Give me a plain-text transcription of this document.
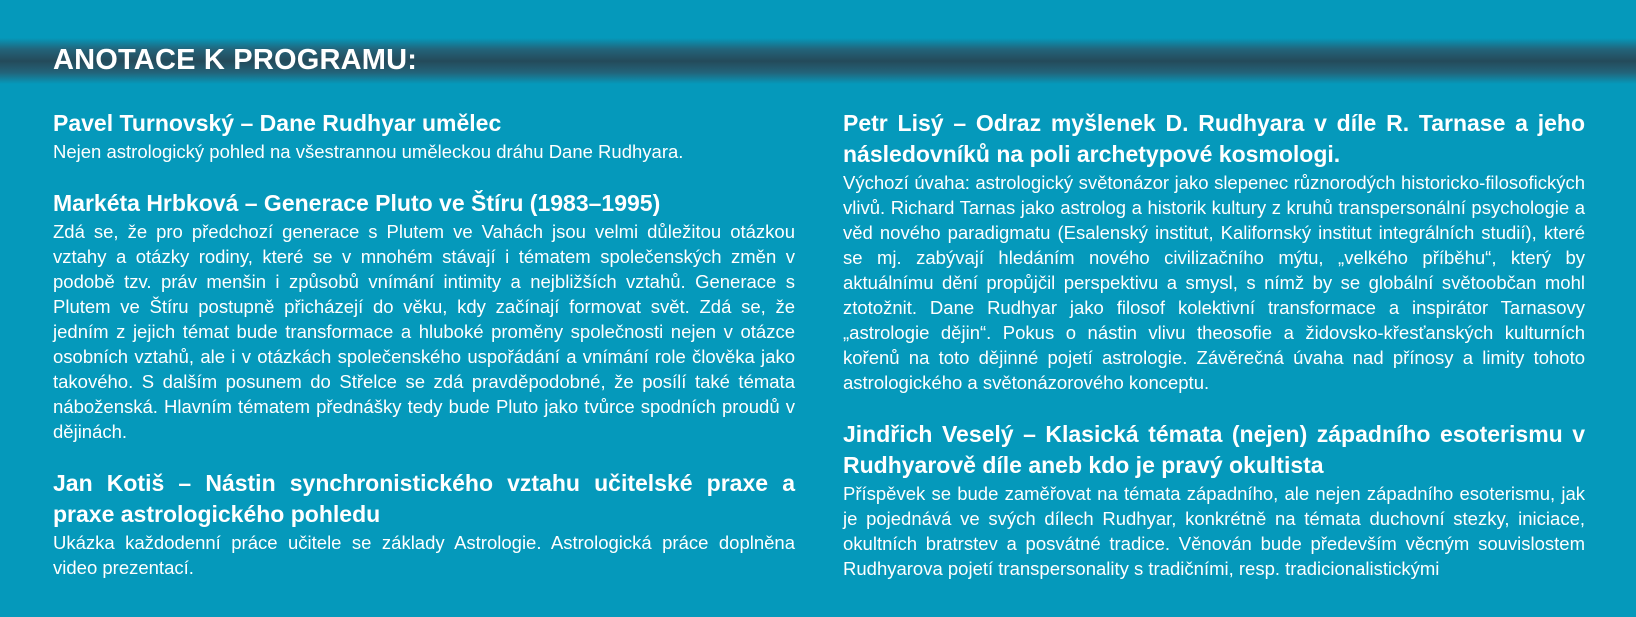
ANOTACE K PROGRAMU:
Pavel Turnovský – Dane Rudhyar umělec

Nejen astrologický pohled na všestrannou uměleckou dráhu Dane Rudhyara.

Markéta Hrbková – Generace Pluto ve Štíru (1983–1995)

Zdá se, že pro předchozí generace s Plutem ve Vahách jsou velmi důležitou otázkou vztahy a otázky rodiny, které se v mnohém stávají i tématem společenských změn v podobě tzv. práv menšin i způsobů vnímání intimity a nejbližších vztahů. Generace s Plutem ve Štíru postupně přicházejí do věku, kdy začínají formovat svět. Zdá se, že jedním z jejich témat bude transformace a hluboké proměny společnosti nejen v otázce osobních vztahů, ale i v otázkách společenského uspořádání a vnímání role člověka jako takového. S dalším posunem do Střelce se zdá pravděpodobné, že posílí také témata náboženská. Hlavním tématem přednášky tedy bude Pluto jako tvůrce spodních proudů v dějinách.

Jan Kotiš – Nástin synchronistického vztahu učitelské praxe a praxe astrologického pohledu

Ukázka každodenní práce učitele se základy Astrologie. Astrologická práce doplněna video prezentací.

Petr Lisý – Odraz myšlenek D. Rudhyara v díle R. Tarnase a jeho následovníků na poli archetypové kosmologi.

Výchozí úvaha: astrologický světonázor jako slepenec různorodých historicko-filosofických vlivů. Richard Tarnas jako astrolog a historik kultury z kruhů transpersonální psychologie a věd nového paradigmatu (Esalenský institut, Kalifornský institut integrálních studií), které se mj. zabývají hledáním nového civilizačního mýtu, „velkého příběhu“, který by aktuálnímu dění propůjčil perspektivu a smysl, s nímž by se globální světoobčan mohl ztotožnit. Dane Rudhyar jako filosof kolektivní transformace a inspirátor Tarnasovy „astrologie dějin“. Pokus o nástin vlivu theosofie a židovsko-křesťanských kulturních kořenů na toto dějinné pojetí astrologie. Závěrečná úvaha nad přínosy a limity tohoto astrologického a světonázorového konceptu.

Jindřich Veselý – Klasická témata (nejen) západního esoterismu v Rudhyarově díle aneb kdo je pravý okultista

Příspěvek se bude zaměřovat na témata západního, ale nejen západního esoterismu, jak je pojednává ve svých dílech Rudhyar, konkrétně na témata duchovní stezky, iniciace, okultních bratrstev a posvátné tradice. Věnován bude především věcným souvislostem Rudhyarova pojetí transpersonality s tradičními, resp. tradicionalistickými
